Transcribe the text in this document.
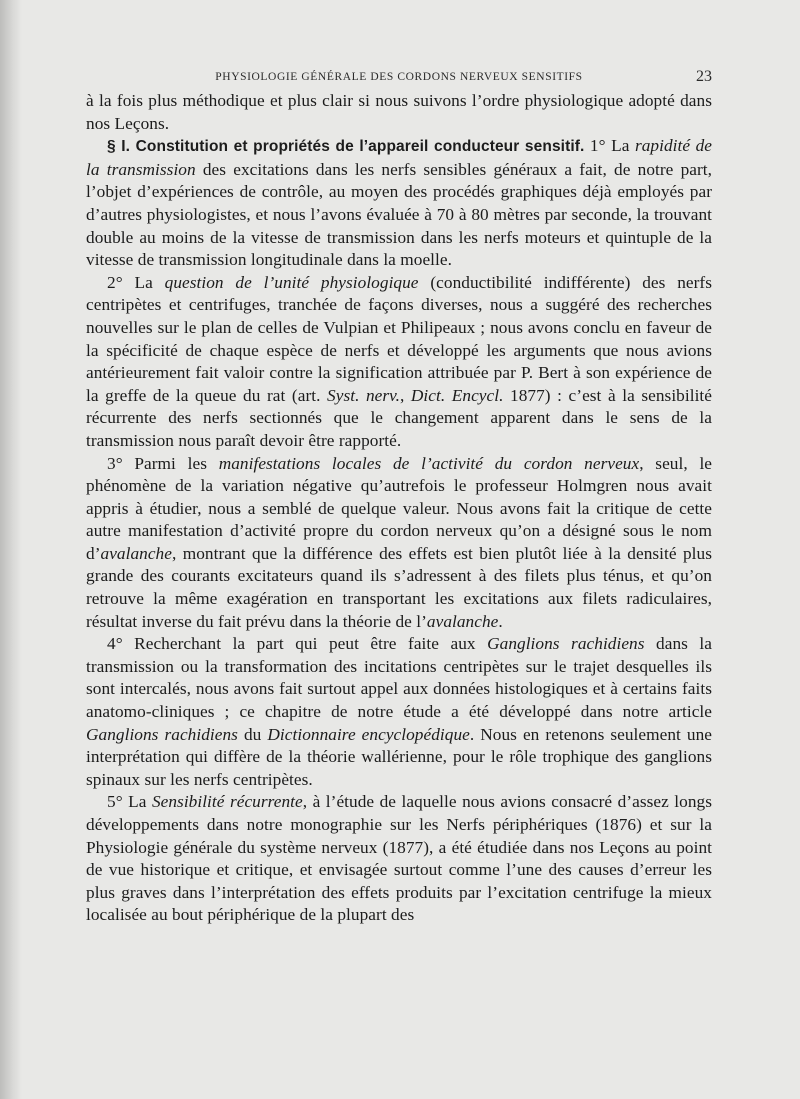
PHYSIOLOGIE GÉNÉRALE DES CORDONS NERVEUX SENSITIFS	23

à la fois plus méthodique et plus clair si nous suivons l’ordre physiologique adopté dans nos Leçons.

§ I. Constitution et propriétés de l’appareil conducteur sensitif. 1° La rapidité de la transmission des excitations dans les nerfs sensibles généraux a fait, de notre part, l’objet d’expériences de contrôle, au moyen des procédés graphiques déjà employés par d’autres physiologistes, et nous l’avons évaluée à 70 à 80 mètres par seconde, la trouvant double au moins de la vitesse de transmission dans les nerfs moteurs et quintuple de la vitesse de transmission longitudinale dans la moelle.

2° La question de l’unité physiologique (conductibilité indifférente) des nerfs centripètes et centrifuges, tranchée de façons diverses, nous a suggéré des recherches nouvelles sur le plan de celles de Vulpian et Philipeaux ; nous avons conclu en faveur de la spécificité de chaque espèce de nerfs et développé les arguments que nous avions antérieurement fait valoir contre la signification attribuée par P. Bert à son expérience de la greffe de la queue du rat (art. Syst. nerv., Dict. Encycl. 1877) : c’est à la sensibilité récurrente des nerfs sectionnés que le changement apparent dans le sens de la transmission nous paraît devoir être rapporté.

3° Parmi les manifestations locales de l’activité du cordon nerveux, seul, le phénomène de la variation négative qu’autrefois le professeur Holmgren nous avait appris à étudier, nous a semblé de quelque valeur. Nous avons fait la critique de cette autre manifestation d’activité propre du cordon nerveux qu’on a désigné sous le nom d’avalanche, montrant que la différence des effets est bien plutôt liée à la densité plus grande des courants excitateurs quand ils s’adressent à des filets plus ténus, et qu’on retrouve la même exagération en transportant les excitations aux filets radiculaires, résultat inverse du fait prévu dans la théorie de l’avalanche.

4° Recherchant la part qui peut être faite aux Ganglions rachidiens dans la transmission ou la transformation des incitations centripètes sur le trajet desquelles ils sont intercalés, nous avons fait surtout appel aux données histologiques et à certains faits anatomo-cliniques ; ce chapitre de notre étude a été développé dans notre article Ganglions rachidiens du Dictionnaire encyclopédique. Nous en retenons seulement une interprétation qui diffère de la théorie wallérienne, pour le rôle trophique des ganglions spinaux sur les nerfs centripètes.

5° La Sensibilité récurrente, à l’étude de laquelle nous avions consacré d’assez longs développements dans notre monographie sur les Nerfs périphériques (1876) et sur la Physiologie générale du système nerveux (1877), a été étudiée dans nos Leçons au point de vue historique et critique, et envisagée surtout comme l’une des causes d’erreur les plus graves dans l’interprétation des effets produits par l’excitation centrifuge la mieux localisée au bout périphérique de la plupart des
